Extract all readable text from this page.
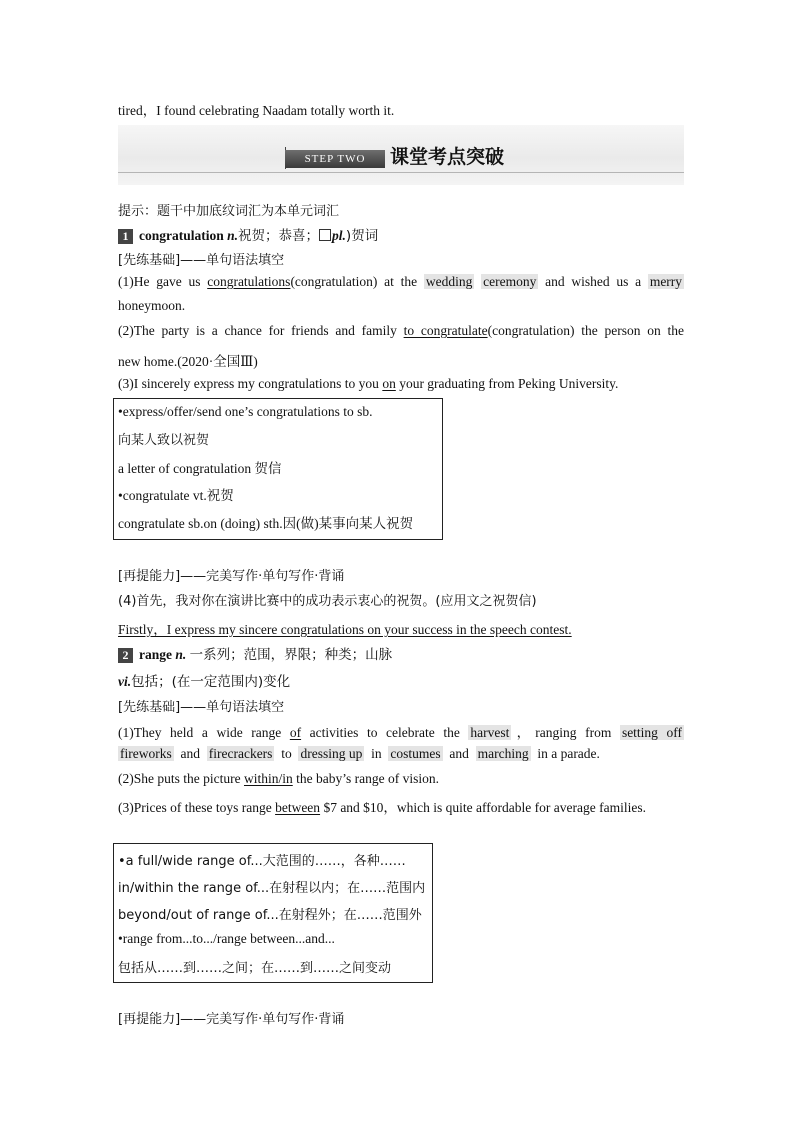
tired，I found celebrating Naadam totally worth it.
STEP TWO	课堂考点突破
提示：题干中加底纹词汇为本单元词汇
1 congratulation n.祝贺；恭喜； pl.)贺词
[先练基础]——单句语法填空
(1)He gave us congratulations(congratulation) at the wedding ceremony and wished us a merry
honeymoon.
(2)The party is a chance for friends and family to congratulate(congratulation) the person on the
new home.(2020·全国Ⅲ)
(3)I sincerely express my congratulations to you on your graduating from Peking University.
•express/offer/send one’s congratulations to sb.
向某人致以祝贺
a letter of congratulation 贺信
•congratulate vt.祝贺
congratulate sb.on (doing) sth.因(做)某事向某人祝贺
[再提能力]——完美写作·单句写作·背诵
(4)首先，我对你在演讲比赛中的成功表示衷心的祝贺。(应用文之祝贺信)
Firstly，I express my sincere congratulations on your success in the speech contest.
2 range n. 一系列；范围，界限；种类；山脉
vi.包括；(在一定范围内)变化
[先练基础]——单句语法填空
(1)They held a wide range of activities to celebrate the harvest ，ranging from setting off
fireworks and firecrackers to dressing up in costumes and marching in a parade.
(2)She puts the picture within/in the baby’s range of vision.
(3)Prices of these toys range between $7 and $10，which is quite affordable for average families.
•a full/wide range of...大范围的……，各种……
in/within the range of...在射程以内；在……范围内
beyond/out of range of...在射程外；在……范围外
•range from...to.../range between...and...
包括从……到……之间；在……到……之间变动
[再提能力]——完美写作·单句写作·背诵
